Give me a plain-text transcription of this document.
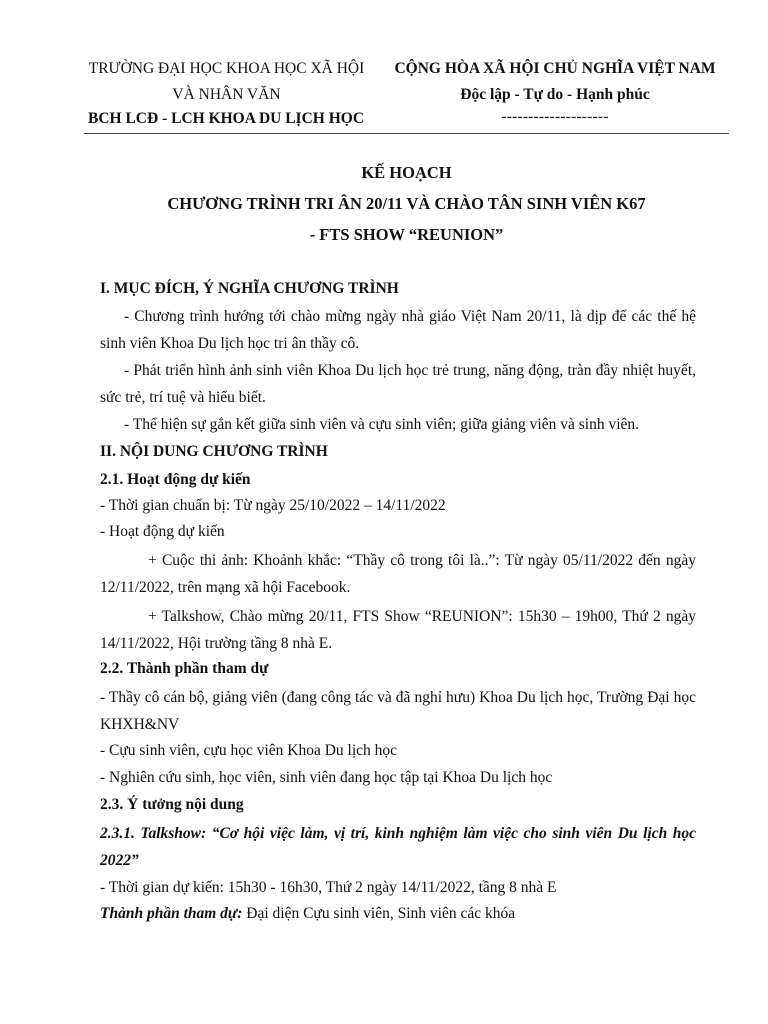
TRƯỜNG ĐẠI HỌC KHOA HỌC XÃ HỘI
VÀ NHÂN VĂN
BCH LCĐ - LCH KHOA DU LỊCH HỌC
CỘNG HÒA XÃ HỘI CHỦ NGHĨA VIỆT NAM
Độc lập - Tự do - Hạnh phúc
--------------------
KẾ HOẠCH
CHƯƠNG TRÌNH TRI ÂN 20/11 VÀ CHÀO TÂN SINH VIÊN K67
- FTS SHOW “REUNION”
I. MỤC ĐÍCH, Ý NGHĨA CHƯƠNG TRÌNH
- Chương trình hướng tới chào mừng ngày nhà giáo Việt Nam 20/11, là dịp để các thế hệ sinh viên Khoa Du lịch học tri ân thầy cô.
- Phát triển hình ảnh sinh viên Khoa Du lịch học trẻ trung, năng động, tràn đầy nhiệt huyết, sức trẻ, trí tuệ và hiểu biết.
- Thể hiện sự gắn kết giữa sinh viên và cựu sinh viên; giữa giảng viên và sinh viên.
II. NỘI DUNG CHƯƠNG TRÌNH
2.1. Hoạt động dự kiến
- Thời gian chuẩn bị: Từ ngày 25/10/2022 – 14/11/2022
- Hoạt động dự kiến
+ Cuộc thi ảnh: Khoảnh khắc: “Thầy cô trong tôi là..”: Từ ngày 05/11/2022 đến ngày 12/11/2022, trên mạng xã hội Facebook.
+ Talkshow, Chào mừng 20/11, FTS Show “REUNION”: 15h30 – 19h00, Thứ 2 ngày 14/11/2022, Hội trường tầng 8 nhà E.
2.2. Thành phần tham dự
- Thầy cô cán bộ, giảng viên (đang công tác và đã nghỉ hưu) Khoa Du lịch học, Trường Đại học KHXH&NV
- Cựu sinh viên, cựu học viên Khoa Du lịch học
- Nghiên cứu sinh, học viên, sinh viên đang học tập tại Khoa Du lịch học
2.3. Ý tưởng nội dung
2.3.1. Talkshow: “Cơ hội việc làm, vị trí, kinh nghiệm làm việc cho sinh viên Du lịch học 2022”
- Thời gian dự kiến: 15h30 - 16h30, Thứ 2 ngày 14/11/2022, tầng 8 nhà E
Thành phần tham dự: Đại diện Cựu sinh viên, Sinh viên các khóa
